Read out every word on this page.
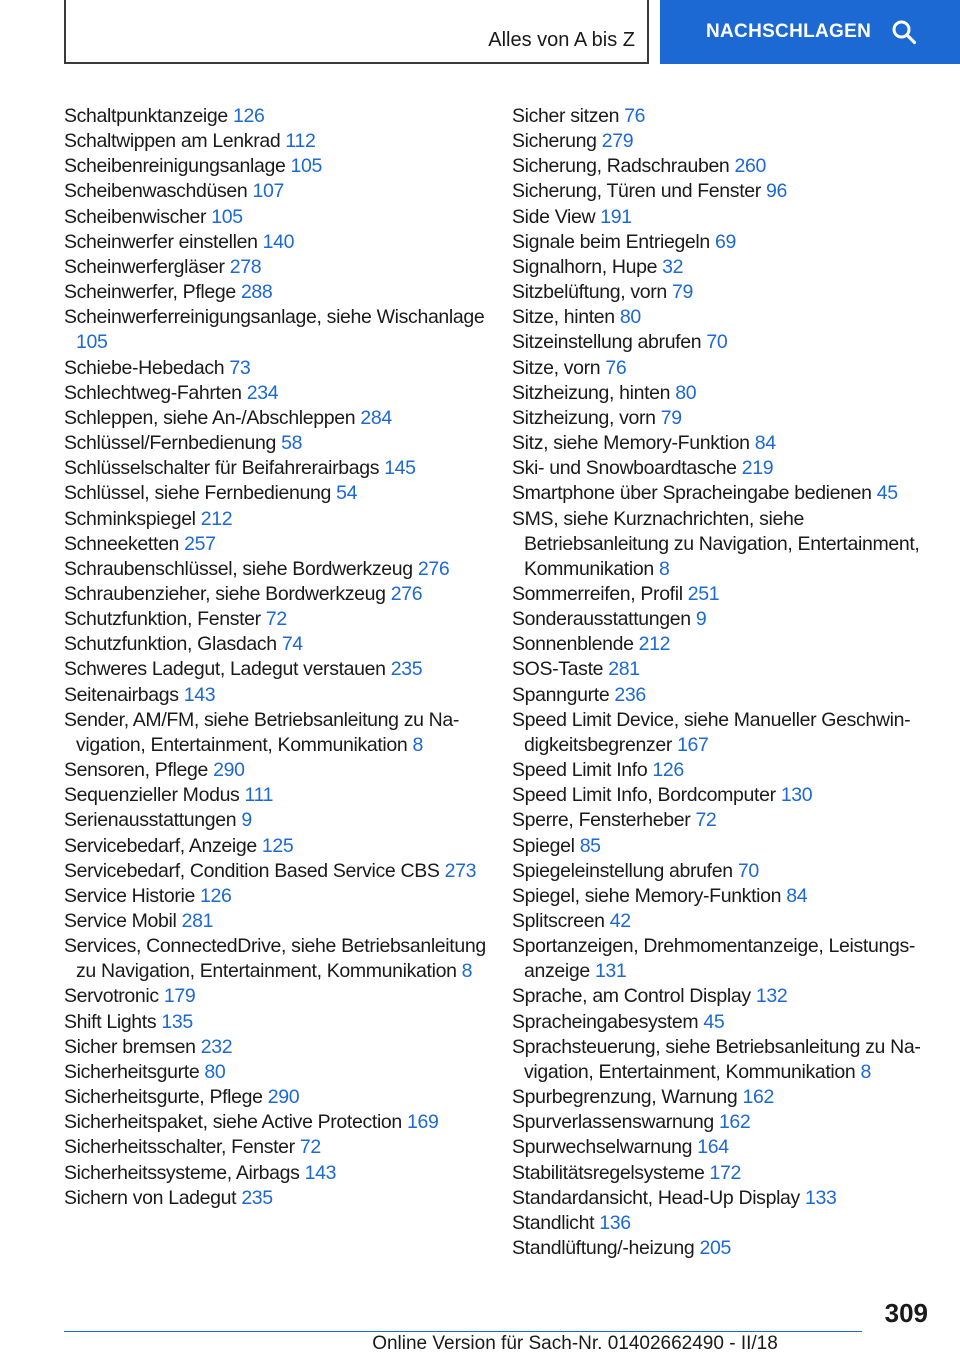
Alles von A bis Z	NACHSCHLAGEN
Schaltpunktanzeige 126
Schaltwippen am Lenkrad 112
Scheibenreinigungsanlage 105
Scheibenwaschdüsen 107
Scheibenwischer 105
Scheinwerfer einstellen 140
Scheinwerfergläser 278
Scheinwerfer, Pflege 288
Scheinwerferreinigungsanlage, siehe Wischanlage 105
Schiebe-Hebedach 73
Schlechtweg-Fahrten 234
Schleppen, siehe An-/Abschleppen 284
Schlüssel/Fernbedienung 58
Schlüsselschalter für Beifahrerairbags 145
Schlüssel, siehe Fernbedienung 54
Schminkspiegel 212
Schneeketten 257
Schraubenschlüssel, siehe Bordwerkzeug 276
Schraubenzieher, siehe Bordwerkzeug 276
Schutzfunktion, Fenster 72
Schutzfunktion, Glasdach 74
Schweres Ladegut, Ladegut verstauen 235
Seitenairbags 143
Sender, AM/FM, siehe Betriebsanleitung zu Navigation, Entertainment, Kommunikation 8
Sensoren, Pflege 290
Sequenzieller Modus 111
Serienausstattungen 9
Servicebedarf, Anzeige 125
Servicebedarf, Condition Based Service CBS 273
Service Historie 126
Service Mobil 281
Services, ConnectedDrive, siehe Betriebsanleitung zu Navigation, Entertainment, Kommunikation 8
Servotronic 179
Shift Lights 135
Sicher bremsen 232
Sicherheitsgurte 80
Sicherheitsgurte, Pflege 290
Sicherheitspaket, siehe Active Protection 169
Sicherheitsschalter, Fenster 72
Sicherheitssysteme, Airbags 143
Sichern von Ladegut 235
Sicher sitzen 76
Sicherung 279
Sicherung, Radschrauben 260
Sicherung, Türen und Fenster 96
Side View 191
Signale beim Entriegeln 69
Signalhorn, Hupe 32
Sitzbelüftung, vorn 79
Sitze, hinten 80
Sitzeinstellung abrufen 70
Sitze, vorn 76
Sitzheizung, hinten 80
Sitzheizung, vorn 79
Sitz, siehe Memory-Funktion 84
Ski- und Snowboardtasche 219
Smartphone über Spracheingabe bedienen 45
SMS, siehe Kurznachrichten, siehe Betriebsanleitung zu Navigation, Entertainment, Kommunikation 8
Sommerreifen, Profil 251
Sonderausstattungen 9
Sonnenblende 212
SOS-Taste 281
Spanngurte 236
Speed Limit Device, siehe Manueller Geschwindigkeitsbegrenzer 167
Speed Limit Info 126
Speed Limit Info, Bordcomputer 130
Sperre, Fensterheber 72
Spiegel 85
Spiegeleinstellung abrufen 70
Spiegel, siehe Memory-Funktion 84
Splitscreen 42
Sportanzeigen, Drehmomentanzeige, Leistungsanzeige 131
Sprache, am Control Display 132
Spracheingabesystem 45
Sprachsteuerung, siehe Betriebsanleitung zu Navigation, Entertainment, Kommunikation 8
Spurbegrenzung, Warnung 162
Spurverlassenswarnung 162
Spurwechselwarnung 164
Stabilitätsregelsysteme 172
Standardansicht, Head-Up Display 133
Standlicht 136
Standlüftung/-heizung 205
309
Online Version für Sach-Nr. 01402662490 - II/18
